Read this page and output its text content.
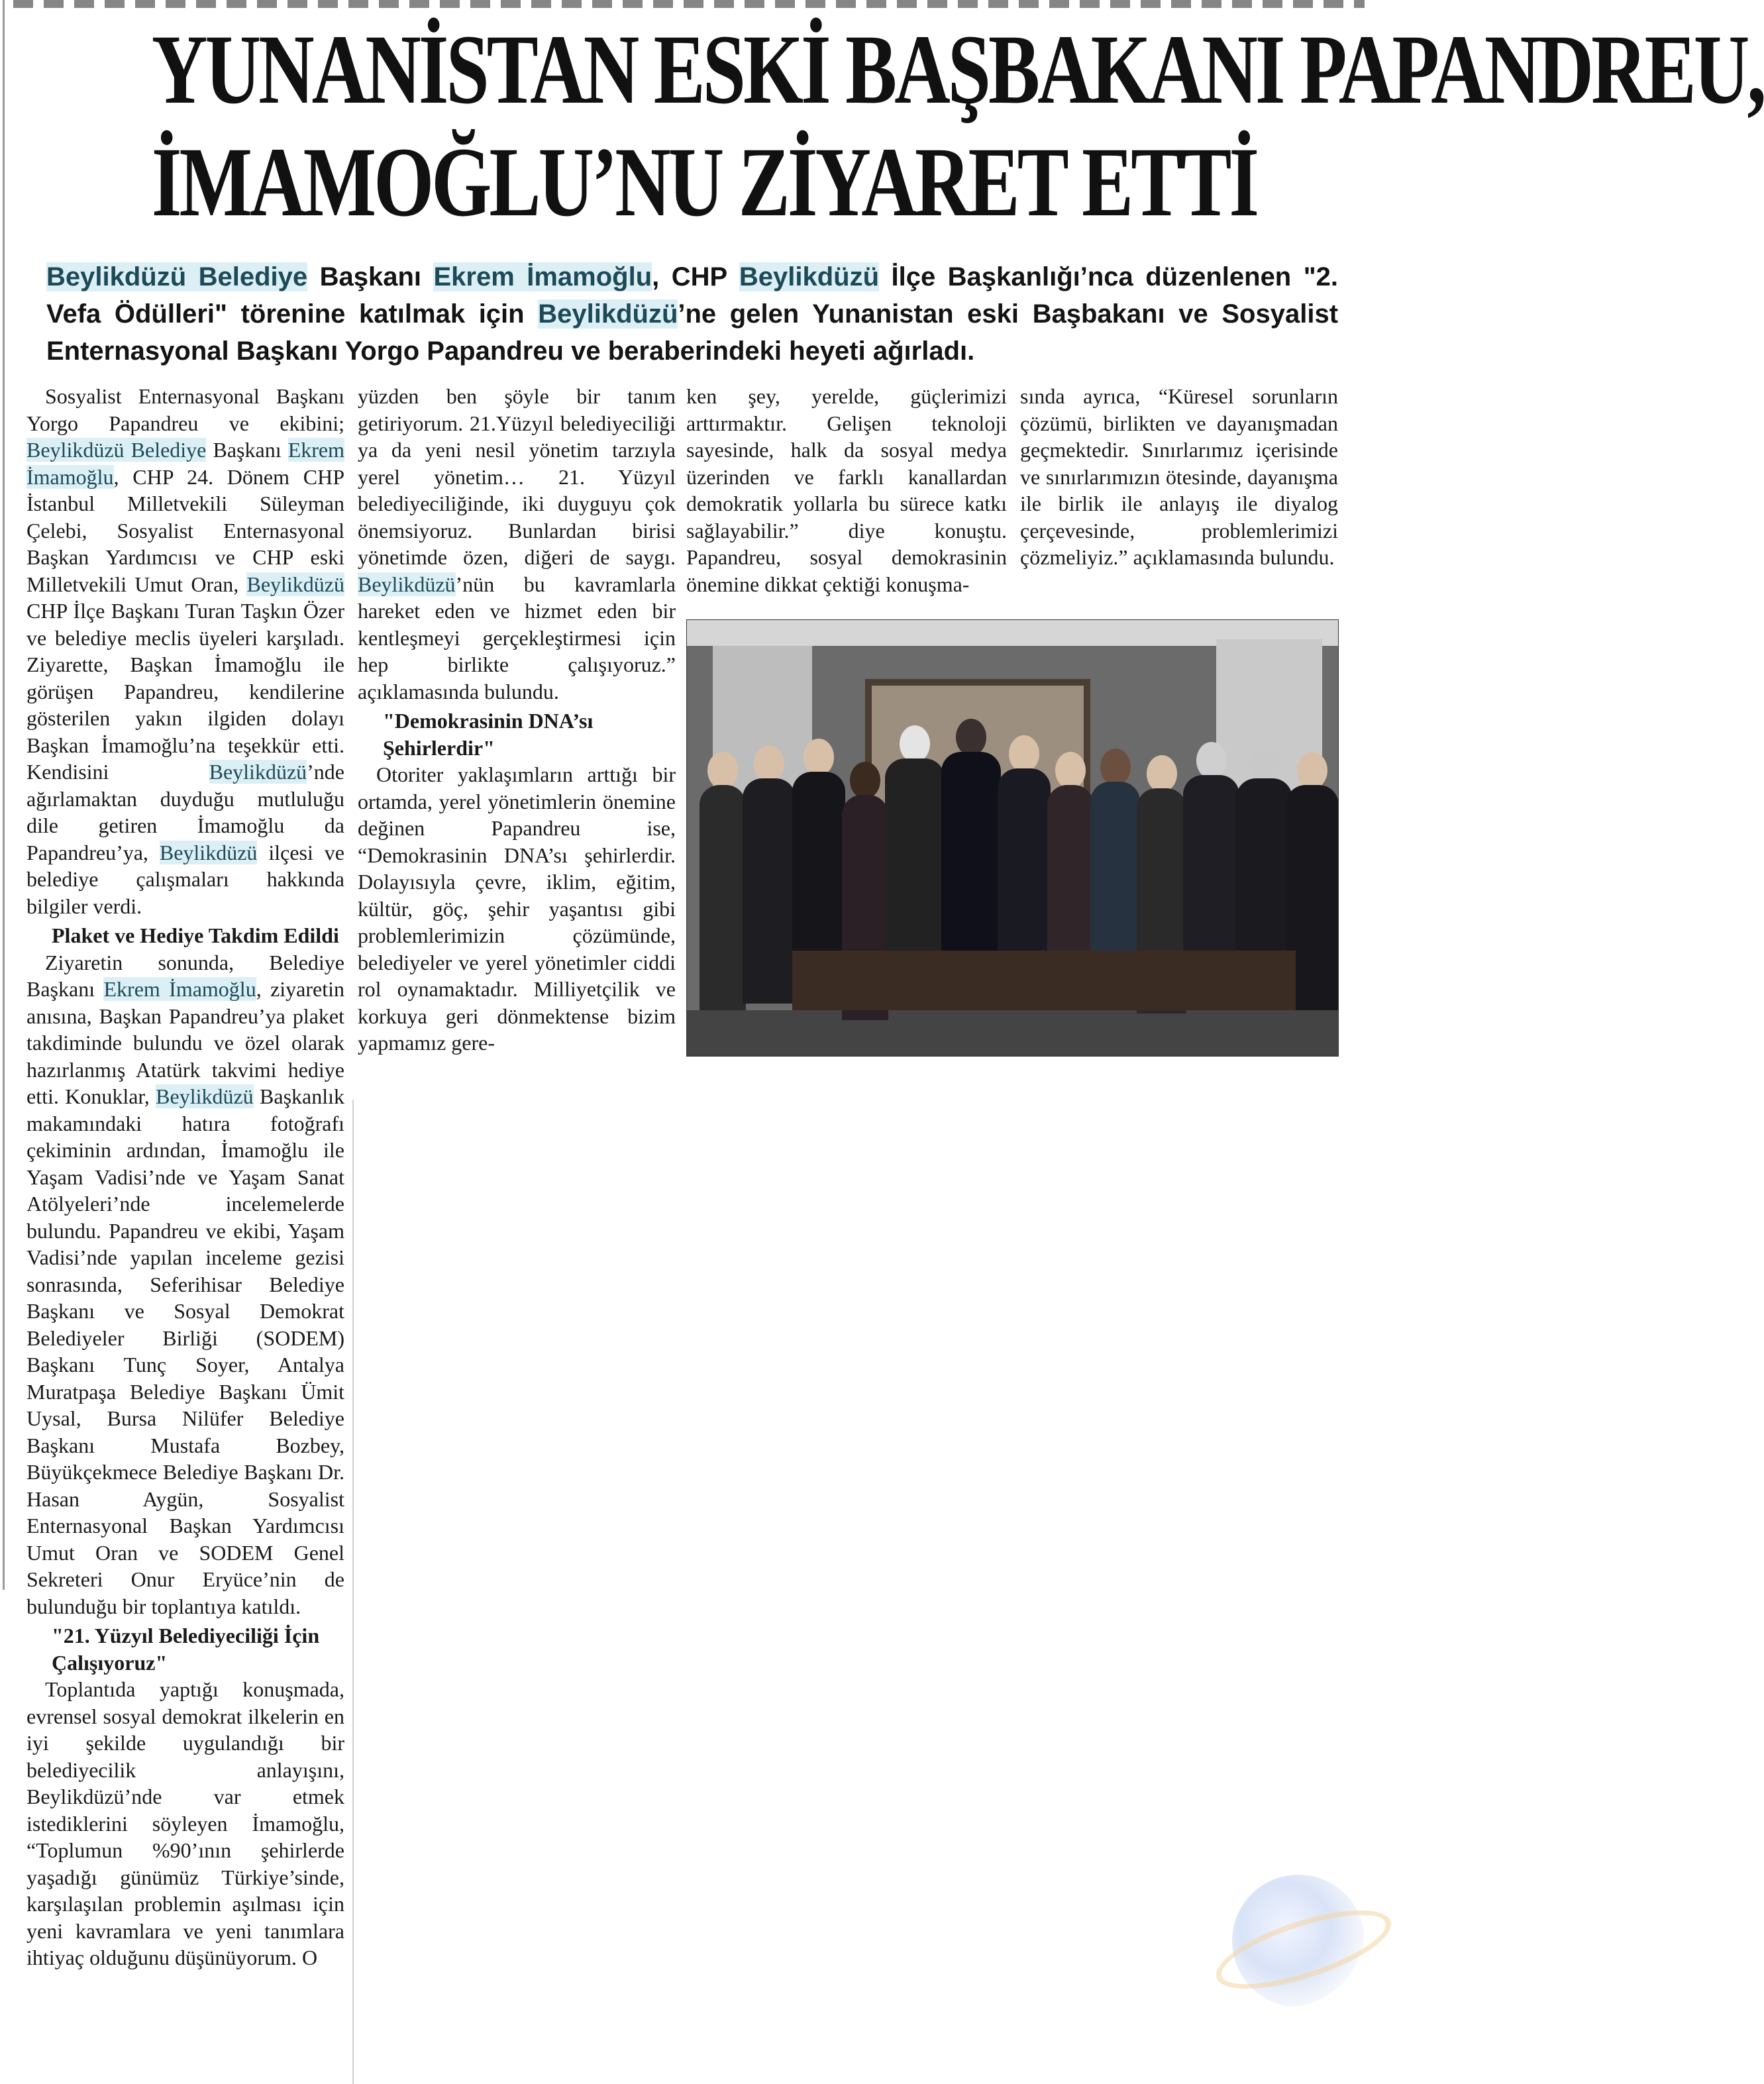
YUNANİSTAN ESKİ BAŞBAKANI PAPANDREU,
İMAMOĞLU’NU ZİYARET ETTİ

Beylikdüzü Belediye Başkanı Ekrem İmamoğlu, CHP Beylikdüzü İlçe Başkanlığı’nca düzenlenen "2. Vefa Ödülleri" törenine katılmak için Beylikdüzü’ne gelen Yunanistan eski Başbakanı ve Sosyalist Enternasyonal Başkanı Yorgo Papandreu ve beraberindeki heyeti ağırladı.

Sosyalist Enternasyonal Başkanı Yorgo Papandreu ve ekibini; Beylikdüzü Belediye Başkanı Ekrem İmamoğlu, CHP 24. Dönem CHP İstanbul Milletvekili Süleyman Çelebi, Sosyalist Enternasyonal Başkan Yardımcısı ve CHP eski Milletvekili Umut Oran, Beylikdüzü CHP İlçe Başkanı Turan Taşkın Özer ve belediye meclis üyeleri karşıladı. Ziyarette, Başkan İmamoğlu ile görüşen Papandreu, kendilerine gösterilen yakın ilgiden dolayı Başkan İmamoğlu’na teşekkür etti. Kendisini Beylikdüzü’nde ağırlamaktan duyduğu mutluluğu dile getiren İmamoğlu da Papandreu’ya, Beylikdüzü ilçesi ve belediye çalışmaları hakkında bilgiler verdi.

Plaket ve Hediye Takdim Edildi

Ziyaretin sonunda, Belediye Başkanı Ekrem İmamoğlu, ziyaretin anısına, Başkan Papandreu’ya plaket takdiminde bulundu ve özel olarak hazırlanmış Atatürk takvimi hediye etti. Konuklar, Beylikdüzü Başkanlık makamındaki hatıra fotoğrafı çekiminin ardından, İmamoğlu ile Yaşam Vadisi’nde ve Yaşam Sanat Atölyeleri’nde incelemelerde bulundu. Papandreu ve ekibi, Yaşam Vadisi’nde yapılan inceleme gezisi sonrasında, Seferihisar Belediye Başkanı ve Sosyal Demokrat Belediyeler Birliği (SODEM) Başkanı Tunç Soyer, Antalya Muratpaşa Belediye Başkanı Ümit Uysal, Bursa Nilüfer Belediye Başkanı Mustafa Bozbey, Büyükçekmece Belediye Başkanı Dr. Hasan Aygün, Sosyalist Enternasyonal Başkan Yardımcısı Umut Oran ve SODEM Genel Sekreteri Onur Eryüce’nin de bulunduğu bir toplantıya katıldı.

"21. Yüzyıl Belediyeciliği İçin Çalışıyoruz"

Toplantıda yaptığı konuşmada, evrensel sosyal demokrat ilkelerin en iyi şekilde uygulandığı bir belediyecilik anlayışını, Beylikdüzü’nde var etmek istediklerini söyleyen İmamoğlu, “Toplumun %90’ının şehirlerde yaşadığı günümüz Türkiye’sinde, karşılaşılan problemin aşılması için yeni kavramlara ve yeni tanımlara ihtiyaç olduğunu düşünüyorum. O

yüzden ben şöyle bir tanım getiriyorum. 21.Yüzyıl belediyeciliği ya da yeni nesil yönetim tarzıyla yerel yönetim… 21. Yüzyıl belediyeciliğinde, iki duyguyu çok önemsiyoruz. Bunlardan birisi yönetimde özen, diğeri de saygı. Beylikdüzü’nün bu kavramlarla hareket eden ve hizmet eden bir kentleşmeyi gerçekleştirmesi için hep birlikte çalışıyoruz.” açıklamasında bulundu.

"Demokrasinin DNA’sı Şehirlerdir"

Otoriter yaklaşımların arttığı bir ortamda, yerel yönetimlerin önemine değinen Papandreu ise, “Demokrasinin DNA’sı şehirlerdir. Dolayısıyla çevre, iklim, eğitim, kültür, göç, şehir yaşantısı gibi problemlerimizin çözümünde, belediyeler ve yerel yönetimler ciddi rol oynamaktadır. Milliyetçilik ve korkuya geri dönmektense bizim yapmamız gere-

ken şey, yerelde, güçlerimizi arttırmaktır. Gelişen teknoloji sayesinde, halk da sosyal medya üzerinden ve farklı kanallardan demokratik yollarla bu sürece katkı sağlayabilir.” diye konuştu. Papandreu, sosyal demokrasinin önemine dikkat çektiği konuşma-

sında ayrıca, “Küresel sorunların çözümü, birlikten ve dayanışmadan geçmektedir. Sınırlarımız içerisinde ve sınırlarımızın ötesinde, dayanışma ile birlik ile anlayış ile diyalog çerçevesinde, problemlerimizi çözmeliyiz.” açıklamasında bulundu.
